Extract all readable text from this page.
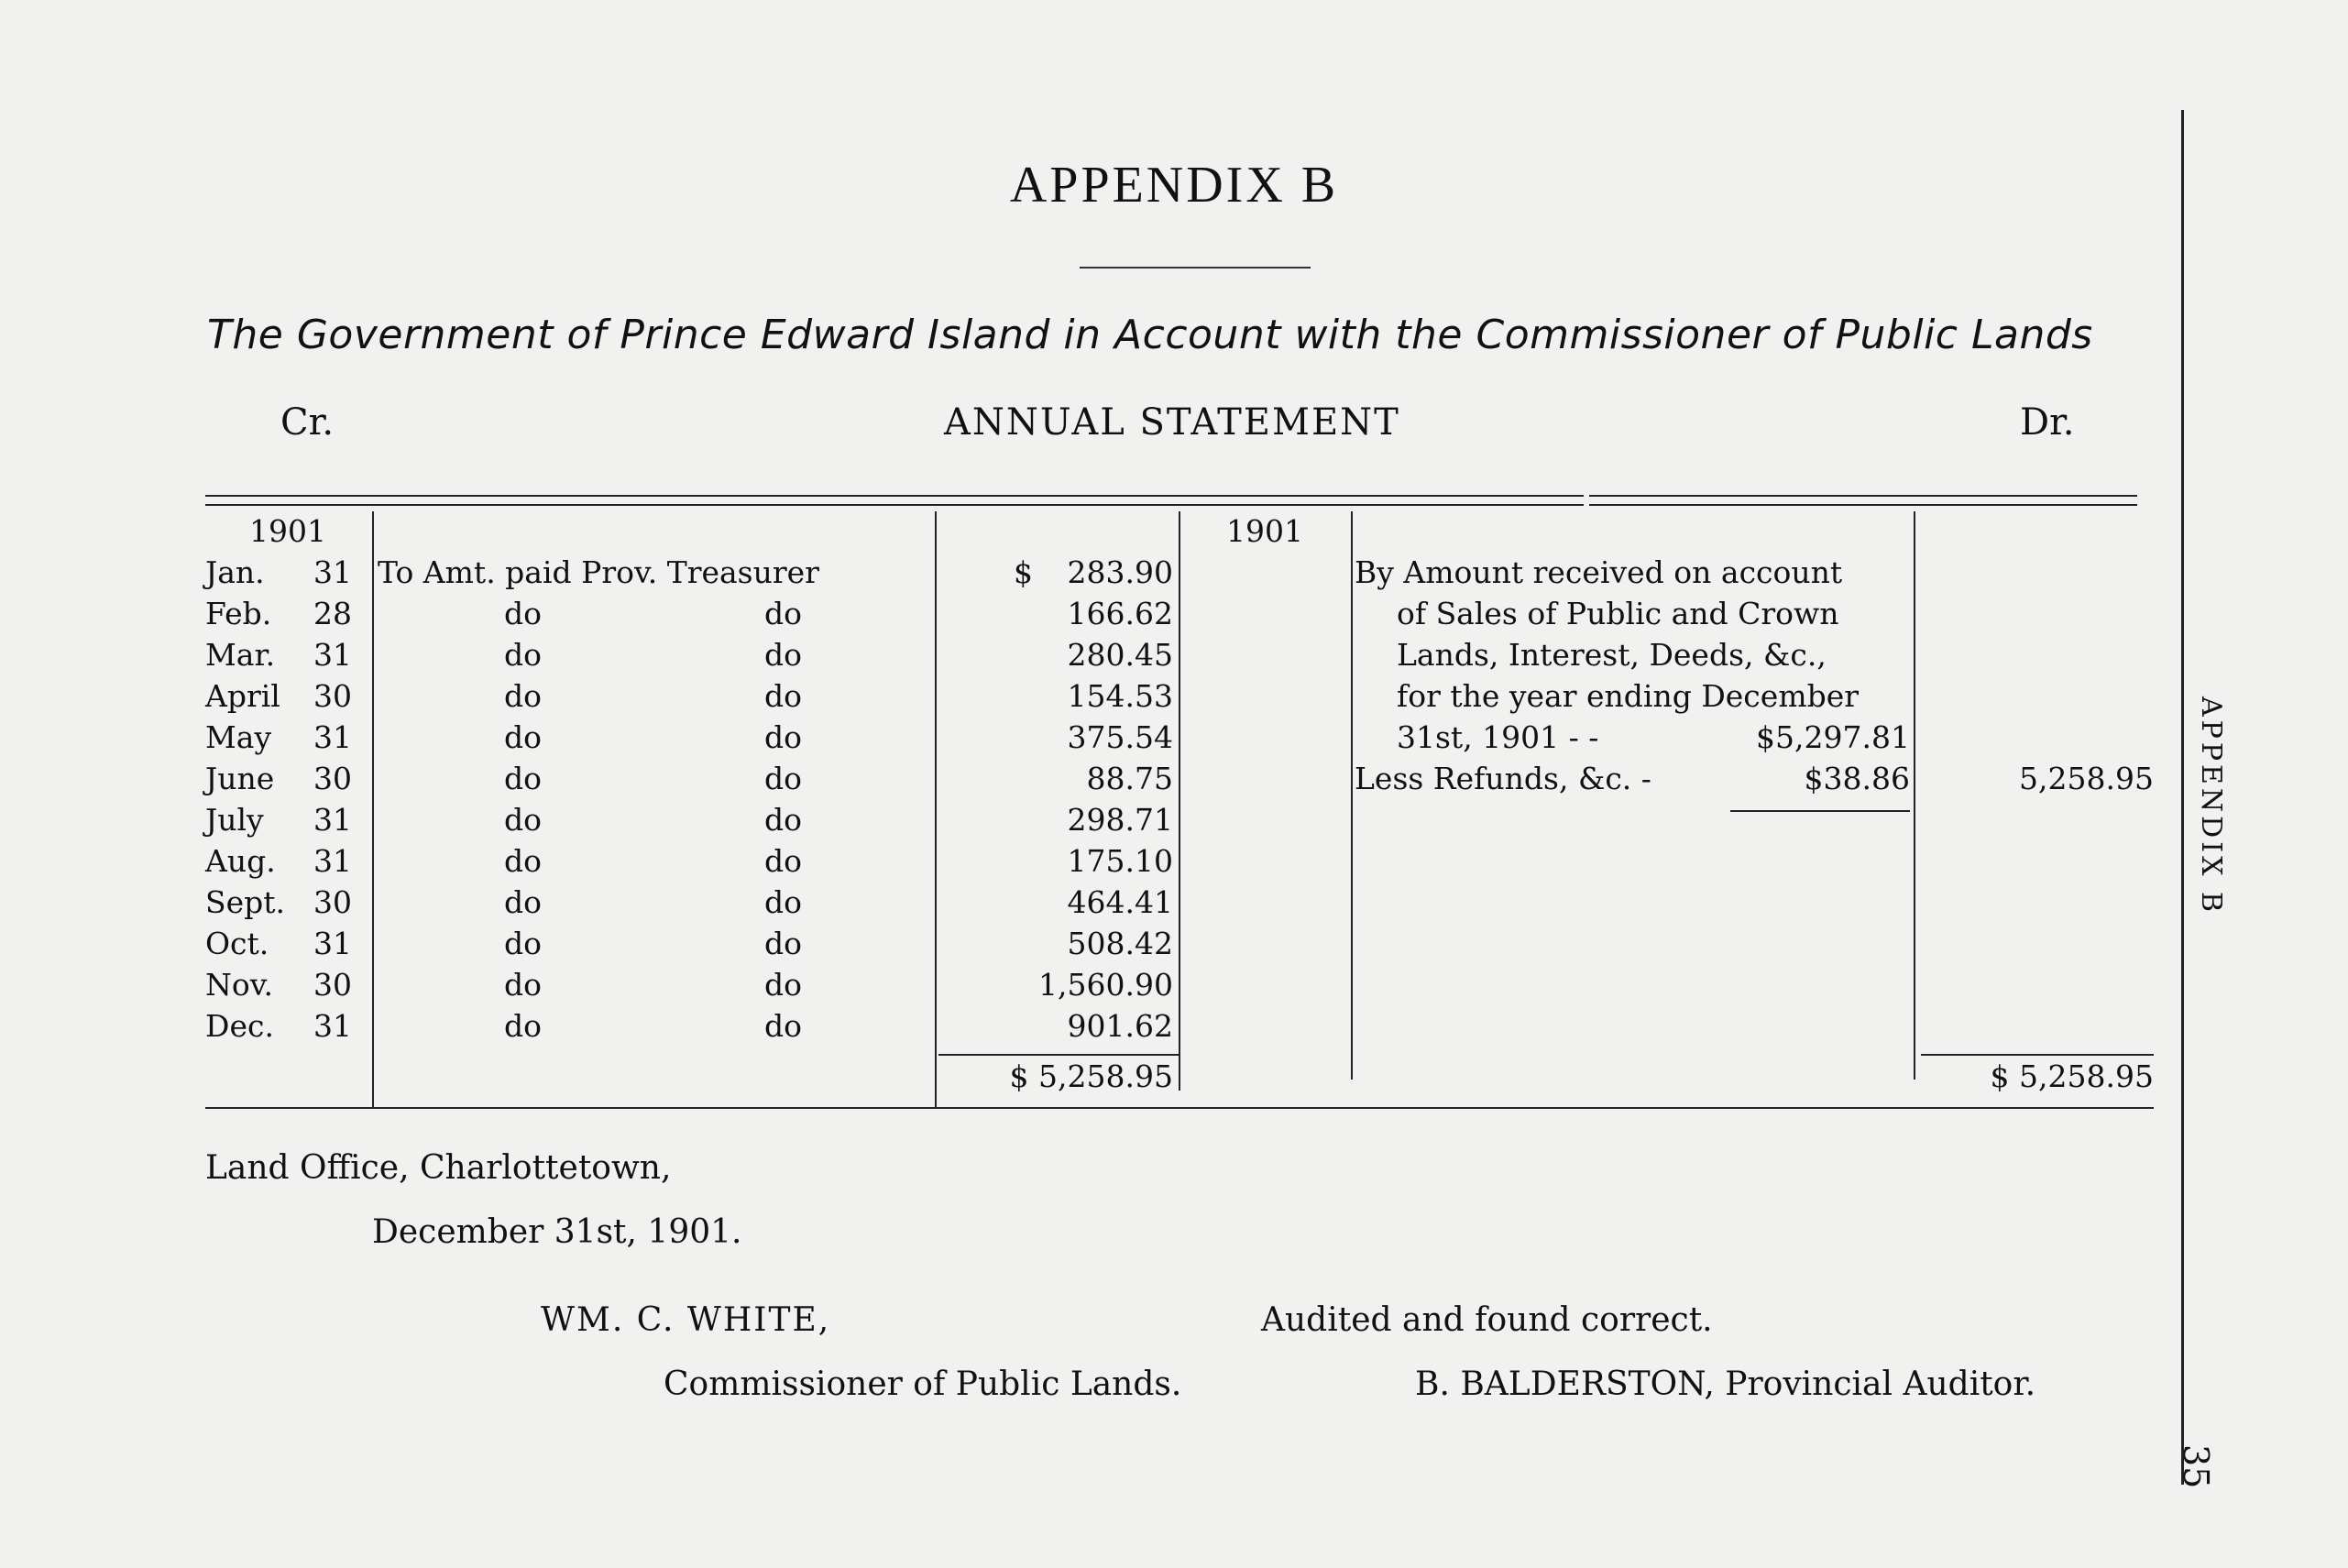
APPENDIX B
The Government of Prince Edward Island in Account with the Commissioner of Public Lands
Cr.	ANNUAL STATEMENT	Dr.
APPENDIX B
35
1901	1901
Jan. 31 To Amt. paid Prov. Treasurer	$	283.90
Feb. 28	do	do	166.62
Mar. 31	do	do	280.45
April 30	do	do	154.53
May 31	do	do	375.54
June 30	do	do	88.75
July 31	do	do	298.71
Aug. 31	do	do	175.10
Sept. 30	do	do	464.41
Oct. 31	do	do	508.42
Nov. 30	do	do	1,560.90
Dec. 31	do	do	901.62
$ 5,258.95
By Amount received on account
of Sales of Public and Crown
Lands, Interest, Deeds, &c.,
for the year ending December
31st, 1901 - -	$5,297.81
Less Refunds, &c. -	$38.86	5,258.95
$ 5,258.95
Land Office, Charlottetown,
December 31st, 1901.
WM. C. WHITE,
Commissioner of Public Lands.
Audited and found correct.
B. BALDERSTON, Provincial Auditor.
